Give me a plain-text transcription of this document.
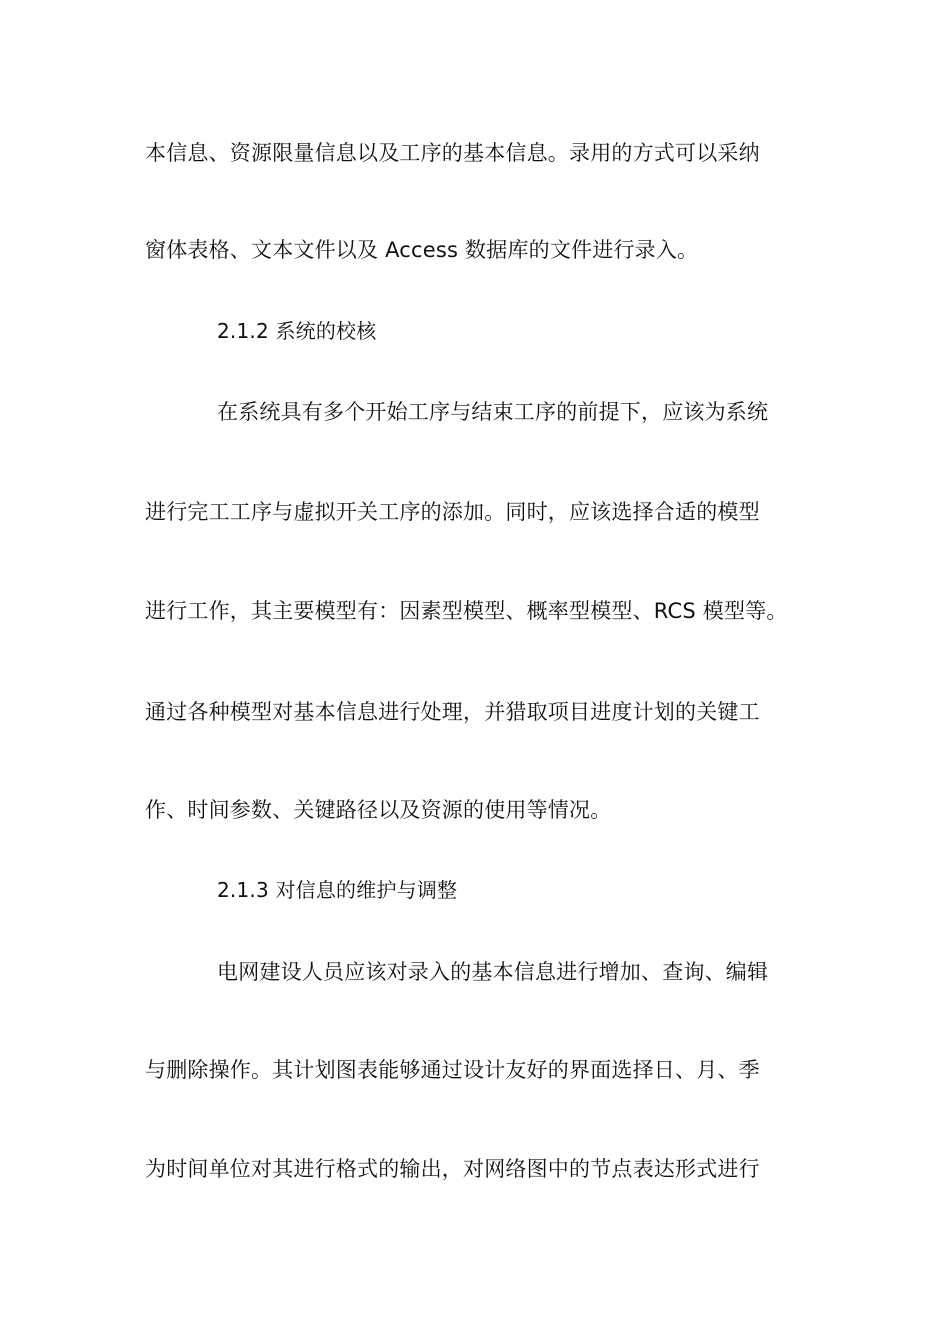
本信息、资源限量信息以及工序的基本信息。录用的方式可以采纳
窗体表格、文本文件以及 Access 数据库的文件进行录入。
2.1.2 系统的校核
在系统具有多个开始工序与结束工序的前提下，应该为系统
进行完工工序与虚拟开关工序的添加。同时，应该选择合适的模型
进行工作，其主要模型有：因素型模型、概率型模型、RCS 模型等。
通过各种模型对基本信息进行处理，并猎取项目进度计划的关键工
作、时间参数、关键路径以及资源的使用等情况。
2.1.3 对信息的维护与调整
电网建设人员应该对录入的基本信息进行增加、查询、编辑
与删除操作。其计划图表能够通过设计友好的界面选择日、月、季
为时间单位对其进行格式的输出，对网络图中的节点表达形式进行
